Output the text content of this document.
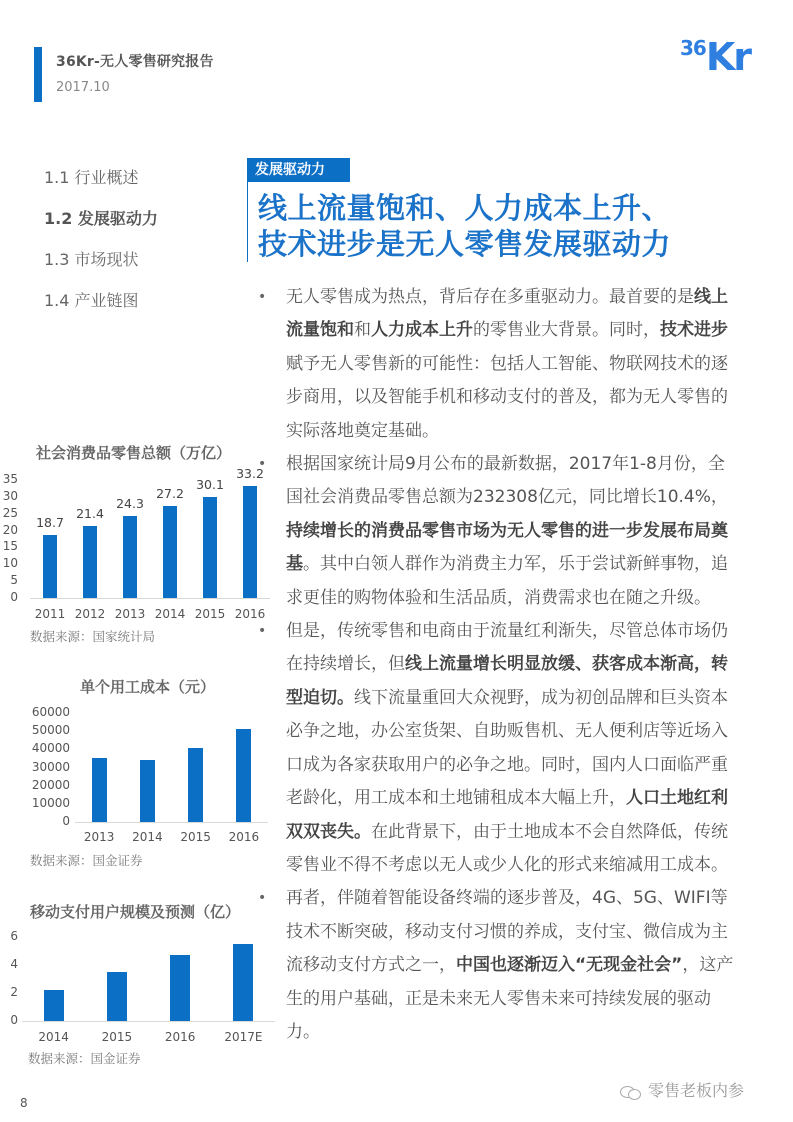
36Kr-无人零售研究报告
2017.10
36Kr
1.1 行业概述
1.2 发展驱动力
1.3 市场现状
1.4 产业链图
发展驱动力
线上流量饱和、人力成本上升、
技术进步是无人零售发展驱动力
• 无人零售成为热点，背后存在多重驱动力。最首要的是线上流量饱和和人力成本上升的零售业大背景。同时，技术进步赋予无人零售新的可能性：包括人工智能、物联网技术的逐步商用，以及智能手机和移动支付的普及，都为无人零售的实际落地奠定基础。
• 根据国家统计局9月公布的最新数据，2017年1-8月份，全国社会消费品零售总额为232308亿元，同比增长10.4%，持续增长的消费品零售市场为无人零售的进一步发展布局奠基。其中白领人群作为消费主力军，乐于尝试新鲜事物，追求更佳的购物体验和生活品质，消费需求也在随之升级。
• 但是，传统零售和电商由于流量红利渐失，尽管总体市场仍在持续增长，但线上流量增长明显放缓、获客成本渐高，转型迫切。线下流量重回大众视野，成为初创品牌和巨头资本必争之地，办公室货架、自助贩售机、无人便利店等近场入口成为各家获取用户的必争之地。同时，国内人口面临严重老龄化，用工成本和土地铺租成本大幅上升，人口土地红利双双丧失。在此背景下，由于土地成本不会自然降低，传统零售业不得不考虑以无人或少人化的形式来缩减用工成本。
• 再者，伴随着智能设备终端的逐步普及，4G、5G、WIFI等技术不断突破，移动支付习惯的养成，支付宝、微信成为主流移动支付方式之一，中国也逐渐迈入“无现金社会”，这产生的用户基础，正是未来无人零售未来可持续发展的驱动力。
8
零售老板内参
社会消费品零售总额（万亿）
0
5
10
15
20
25
30
35
2011
18.7
2012
21.4
2013
24.3
2014
27.2
2015
30.1
2016
33.2
数据来源：国家统计局
单个用工成本（元）
0
10000
20000
30000
40000
50000
60000
2013	2014	2015	2016
数据来源：国金证券
移动支付用户规模及预测（亿）
0
2
4
6
2014	2015	2016	2017E
数据来源：国金证券
